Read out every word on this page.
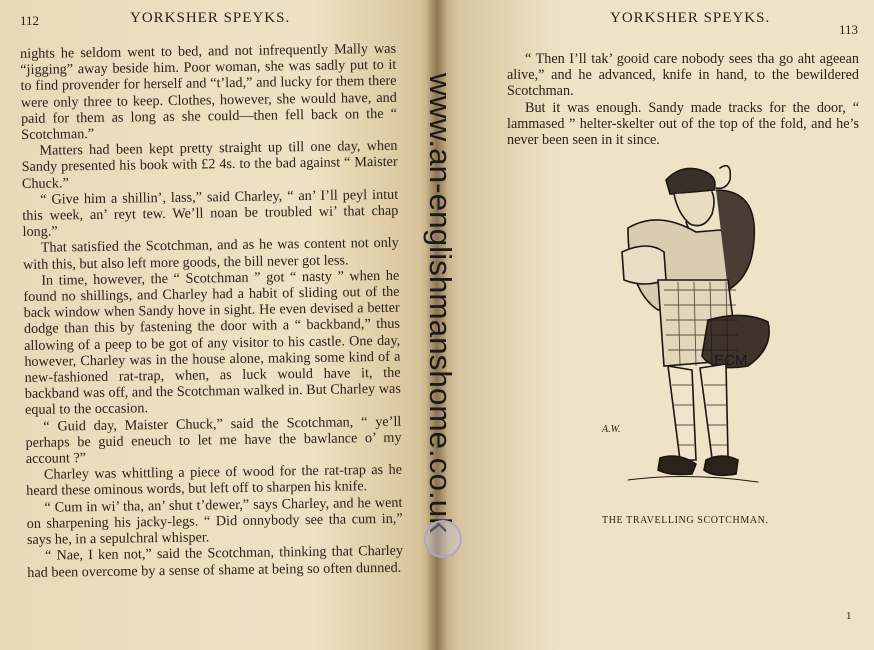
112	YORKSHER SPEYKS.

nights he seldom went to bed, and not infrequently Mally was “jigging” away beside him. Poor woman, she was sadly put to it to find provender for herself and “t’lad,” and lucky for them there were only three to keep. Clothes, however, she would have, and paid for them as long as she could—then fell back on the “ Scotchman.”

Matters had been kept pretty straight up till one day, when Sandy presented his book with £2 4s. to the bad against “ Maister Chuck.”

“ Give him a shillin’, lass,” said Charley, “ an’ I’ll peyl intut this week, an’ reyt tew. We’ll noan be troubled wi’ that chap long.”

That satisfied the Scotchman, and as he was content not only with this, but also left more goods, the bill never got less.

In time, however, the “ Scotchman ” got “ nasty ” when he found no shillings, and Charley had a habit of sliding out of the back window when Sandy hove in sight. He even devised a better dodge than this by fastening the door with a “ backband,” thus allowing of a peep to be got of any visitor to his castle. One day, however, Charley was in the house alone, making some kind of a new-fashioned rat-trap, when, as luck would have it, the backband was off, and the Scotchman walked in. But Charley was equal to the occasion.

“ Guid day, Maister Chuck,” said the Scotchman, “ ye’ll perhaps be guid eneuch to let me have the bawlance o’ my account ?”

Charley was whittling a piece of wood for the rat-trap as he heard these ominous words, but left off to sharpen his knife.

“ Cum in wi’ tha, an’ shut t’dewer,” says Charley, and he went on sharpening his jacky-legs. “ Did onnybody see tha cum in,” says he, in a sepulchral whisper.

“ Nae, I ken not,” said the Scotchman, thinking that Charley had been overcome by a sense of shame at being so often dunned.

YORKSHER SPEYKS.
113

“ Then I’ll tak’ gooid care nobody sees tha go aht ageean alive,” and he advanced, knife in hand, to the bewildered Scotchman.

But it was enough. Sandy made tracks for the door, “ lammased ” helter-skelter out of the top of the fold, and he’s never been seen in it since.

THE TRAVELLING SCOTCHMAN.
1
ECM
A.W.
www.an-englishmanshome.co.uk
